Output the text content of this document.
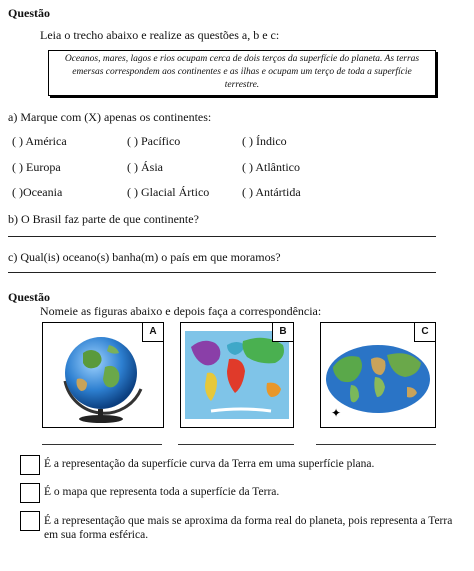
Questão
Leia o trecho abaixo e realize as questões a, b e c:
Oceanos, mares, lagos e rios ocupam cerca de dois terços da superfície do planeta. As terras emersas correspondem aos continentes e as ilhas e ocupam um terço de toda a superfície terrestre.
a) Marque com (X) apenas os continentes:
( ) América	( ) Pacífico	( ) Índico
( ) Europa	( ) Ásia	( ) Atlântico
( )Oceania	( ) Glacial Ártico	( ) Antártida
b) O Brasil faz parte de que continente?
c) Qual(is) oceano(s) banha(m) o país em que moramos?
Questão
Nomeie as figuras abaixo e depois faça a correspondência:
A	B	C
✦
É a representação da superfície curva da Terra em uma superfície plana.
É o mapa que representa toda a superfície da Terra.
É a representação que mais se aproxima da forma real do planeta, pois representa a Terra em sua forma esférica.
